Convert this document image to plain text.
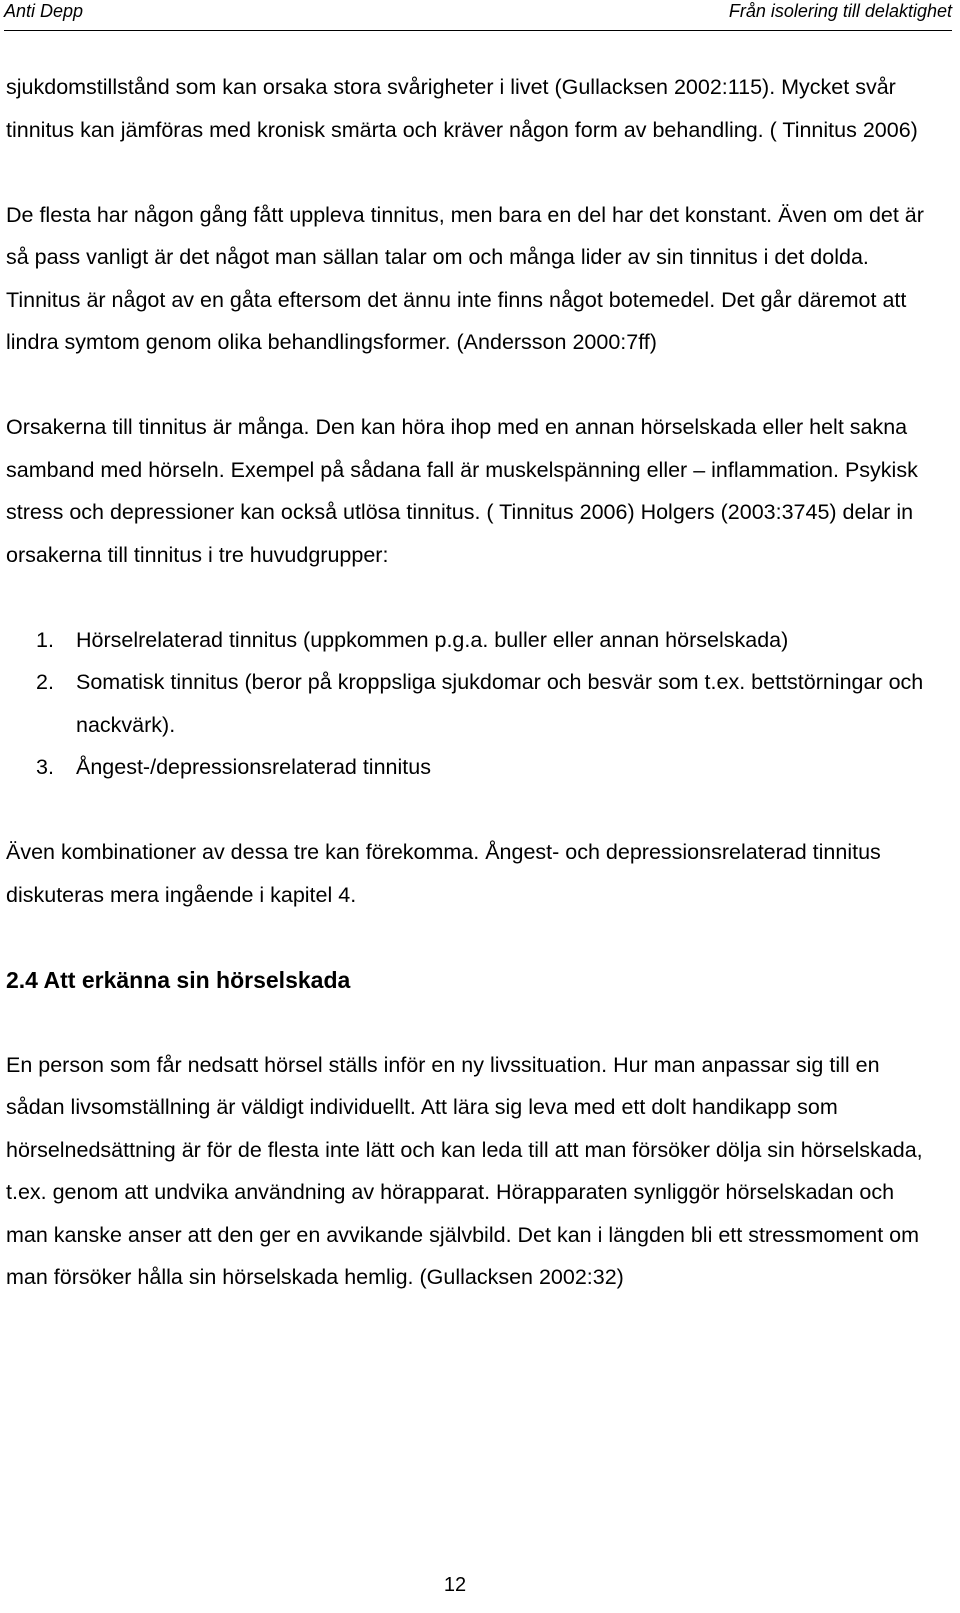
Anti Depp	Från isolering till delaktighet

sjukdomstillstånd som kan orsaka stora svårigheter i livet (Gullacksen 2002:115). Mycket svår tinnitus kan jämföras med kronisk smärta och kräver någon form av behandling. ( Tinnitus 2006)

De flesta har någon gång fått uppleva tinnitus, men bara en del har det konstant. Även om det är så pass vanligt är det något man sällan talar om och många lider av sin tinnitus i det dolda. Tinnitus är något av en gåta eftersom det ännu inte finns något botemedel. Det går däremot att lindra symtom genom olika behandlingsformer. (Andersson 2000:7ff)

Orsakerna till tinnitus är många. Den kan höra ihop med en annan hörselskada eller helt sakna samband med hörseln. Exempel på sådana fall är muskelspänning eller – inflammation. Psykisk stress och depressioner kan också utlösa tinnitus. ( Tinnitus 2006) Holgers (2003:3745) delar in orsakerna till tinnitus i tre huvudgrupper:

1. Hörselrelaterad tinnitus (uppkommen p.g.a. buller eller annan hörselskada)
2. Somatisk tinnitus (beror på kroppsliga sjukdomar och besvär som t.ex. bettstörningar och nackvärk).
3. Ångest-/depressionsrelaterad tinnitus

Även kombinationer av dessa tre kan förekomma. Ångest- och depressionsrelaterad tinnitus diskuteras mera ingående i kapitel 4.

2.4 Att erkänna sin hörselskada

En person som får nedsatt hörsel ställs inför en ny livssituation. Hur man anpassar sig till en sådan livsomställning är väldigt individuellt. Att lära sig leva med ett dolt handikapp som hörselnedsättning är för de flesta inte lätt och kan leda till att man försöker dölja sin hörselskada, t.ex. genom att undvika användning av hörapparat. Hörapparaten synliggör hörselskadan och man kanske anser att den ger en avvikande självbild. Det kan i längden bli ett stressmoment om man försöker hålla sin hörselskada hemlig. (Gullacksen 2002:32)

12
